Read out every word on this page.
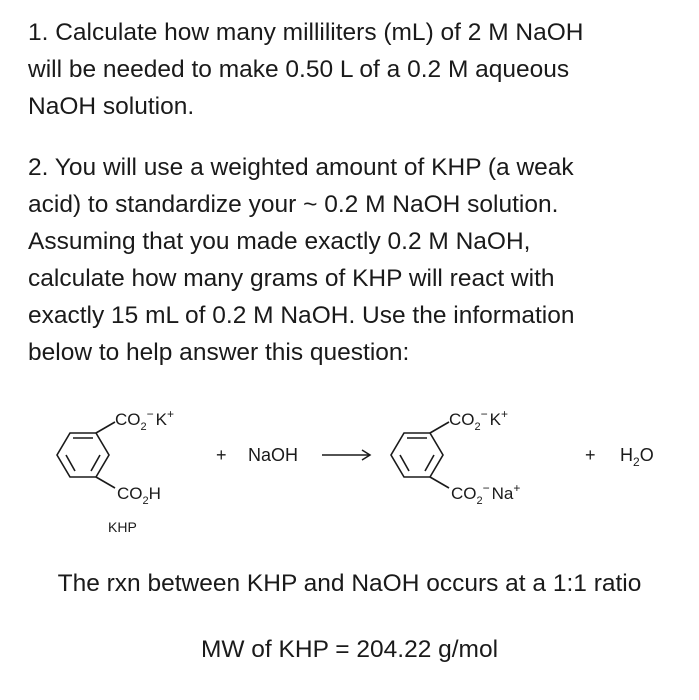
1. Calculate how many milliliters (mL) of 2 M NaOH
will be needed to make 0.50 L of a 0.2 M aqueous
NaOH solution.
2. You will use a weighted amount of KHP (a weak
acid) to standardize your ~ 0.2 M NaOH solution.
Assuming that you made exactly 0.2 M NaOH,
calculate how many grams of KHP will react with
exactly 15 mL of 0.2 M NaOH. Use the information
below to help answer this question:
$CO_2^-$ K+
$CO_2H$
KHP
+ NaOH
$CO_2^-$ K+
$CO_2^-$ Na+
+ $H_2O$
The rxn between KHP and NaOH occurs at a 1:1 ratio
MW of KHP = 204.22 g/mol
